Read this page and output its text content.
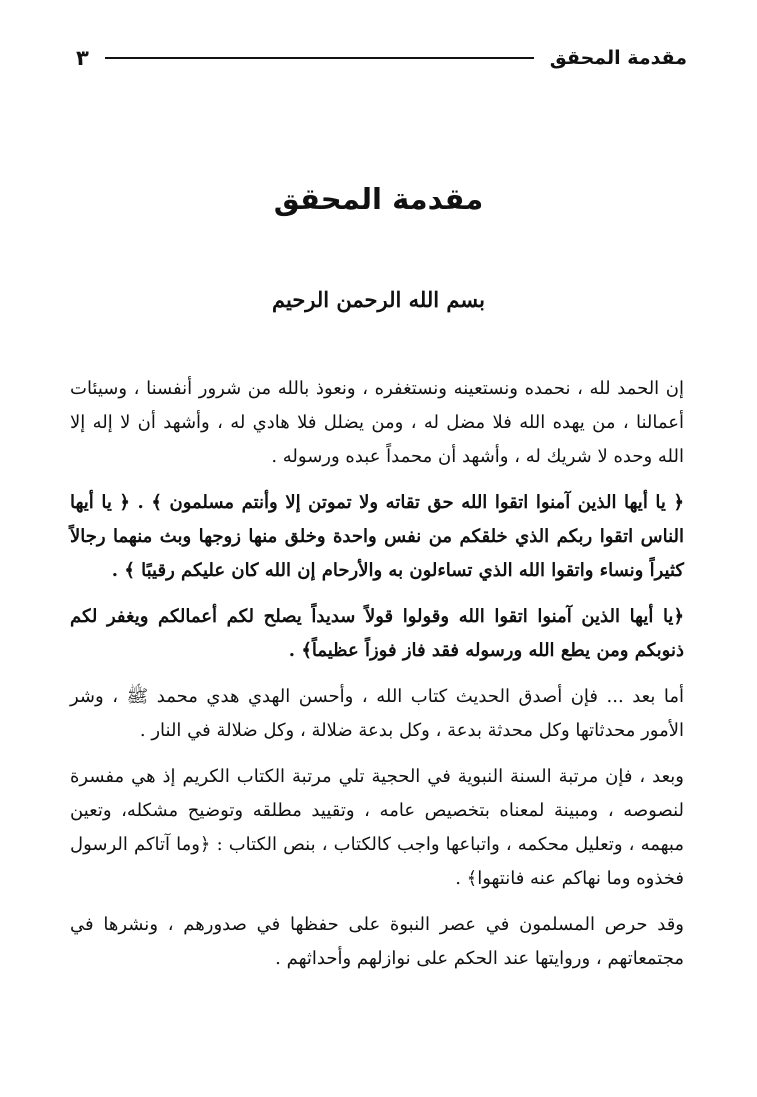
مقدمة المحقق
٣
مقدمة المحقق
بسم الله الرحمن الرحيم

إن الحمد لله ، نحمده ونستعينه ونستغفره ، ونعوذ بالله من شرور أنفسنا ، وسيئات أعمالنا ، من يهده الله فلا مضل له ، ومن يضلل فلا هادي له ، وأشهد أن لا إله إلا الله وحده لا شريك له ، وأشهد أن محمداً عبده ورسوله .

﴿ يا أيها الذين آمنوا اتقوا الله حق تقاته ولا تموتن إلا وأنتم مسلمون ﴾ . ﴿ يا أيها الناس اتقوا ربكم الذي خلقكم من نفس واحدة وخلق منها زوجها وبث منهما رجالاً كثيراً ونساء واتقوا الله الذي تساءلون به والأرحام إن الله كان عليكم رقيبًا ﴾ .

﴿يا أيها الذين آمنوا اتقوا الله وقولوا قولاً سديداً يصلح لكم أعمالكم ويغفر لكم ذنوبكم ومن يطع الله ورسوله فقد فاز فوزاً عظيماً﴾ .

أما بعد ... فإن أصدق الحديث كتاب الله ، وأحسن الهدي هدي محمد ﷺ ، وشر الأمور محدثاتها وكل محدثة بدعة ، وكل بدعة ضلالة ، وكل ضلالة في النار .

وبعد ، فإن مرتبة السنة النبوية في الحجية تلي مرتبة الكتاب الكريم إذ هي مفسرة لنصوصه ، ومبينة لمعناه بتخصيص عامه ، وتقييد مطلقه وتوضيح مشكله، وتعين مبهمه ، وتعليل محكمه ، واتباعها واجب كالكتاب ، بنص الكتاب : ﴿وما آتاكم الرسول فخذوه وما نهاكم عنه فانتهوا﴾ .

وقد حرص المسلمون في عصر النبوة على حفظها في صدورهم ، ونشرها في مجتمعاتهم ، وروايتها عند الحكم على نوازلهم وأحداثهم .
